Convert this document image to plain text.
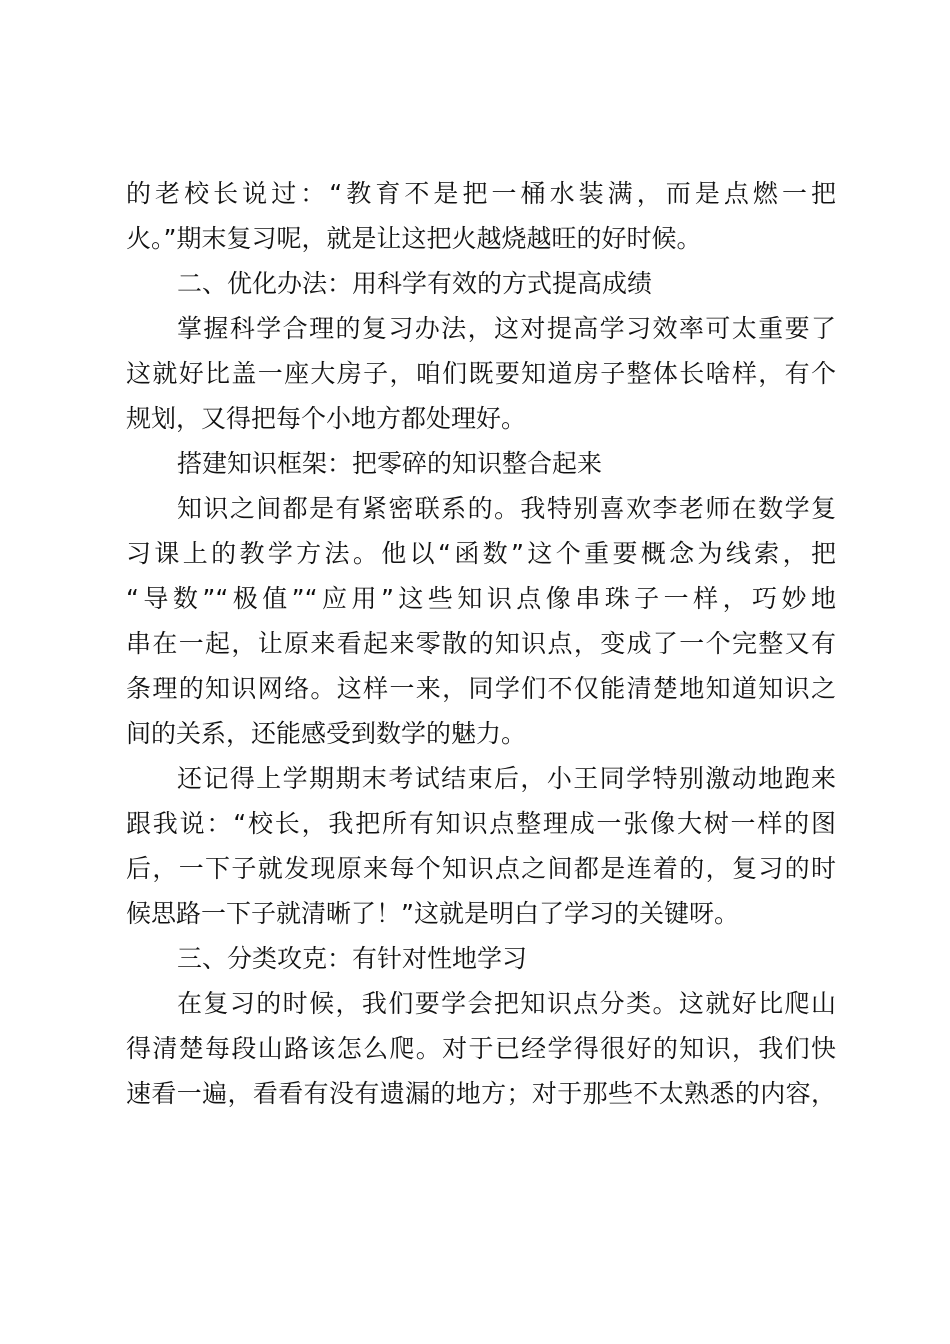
的老校长说过：“教育不是把一桶水装满，而是点燃一把
火。”期末复习呢，就是让这把火越烧越旺的好时候。
二、优化办法：用科学有效的方式提高成绩
掌握科学合理的复习办法，这对提高学习效率可太重要了
这就好比盖一座大房子，咱们既要知道房子整体长啥样，有个
规划，又得把每个小地方都处理好。
搭建知识框架：把零碎的知识整合起来
知识之间都是有紧密联系的。我特别喜欢李老师在数学复
习课上的教学方法。他以“函数”这个重要概念为线索，把
“导数”“极值”“应用”这些知识点像串珠子一样，巧妙地
串在一起，让原来看起来零散的知识点，变成了一个完整又有
条理的知识网络。这样一来，同学们不仅能清楚地知道知识之
间的关系，还能感受到数学的魅力。
还记得上学期期末考试结束后，小王同学特别激动地跑来
跟我说：“校长，我把所有知识点整理成一张像大树一样的图
后，一下子就发现原来每个知识点之间都是连着的，复习的时
候思路一下子就清晰了！”这就是明白了学习的关键呀。
三、分类攻克：有针对性地学习
在复习的时候，我们要学会把知识点分类。这就好比爬山
得清楚每段山路该怎么爬。对于已经学得很好的知识，我们快
速看一遍，看看有没有遗漏的地方；对于那些不太熟悉的内容，
